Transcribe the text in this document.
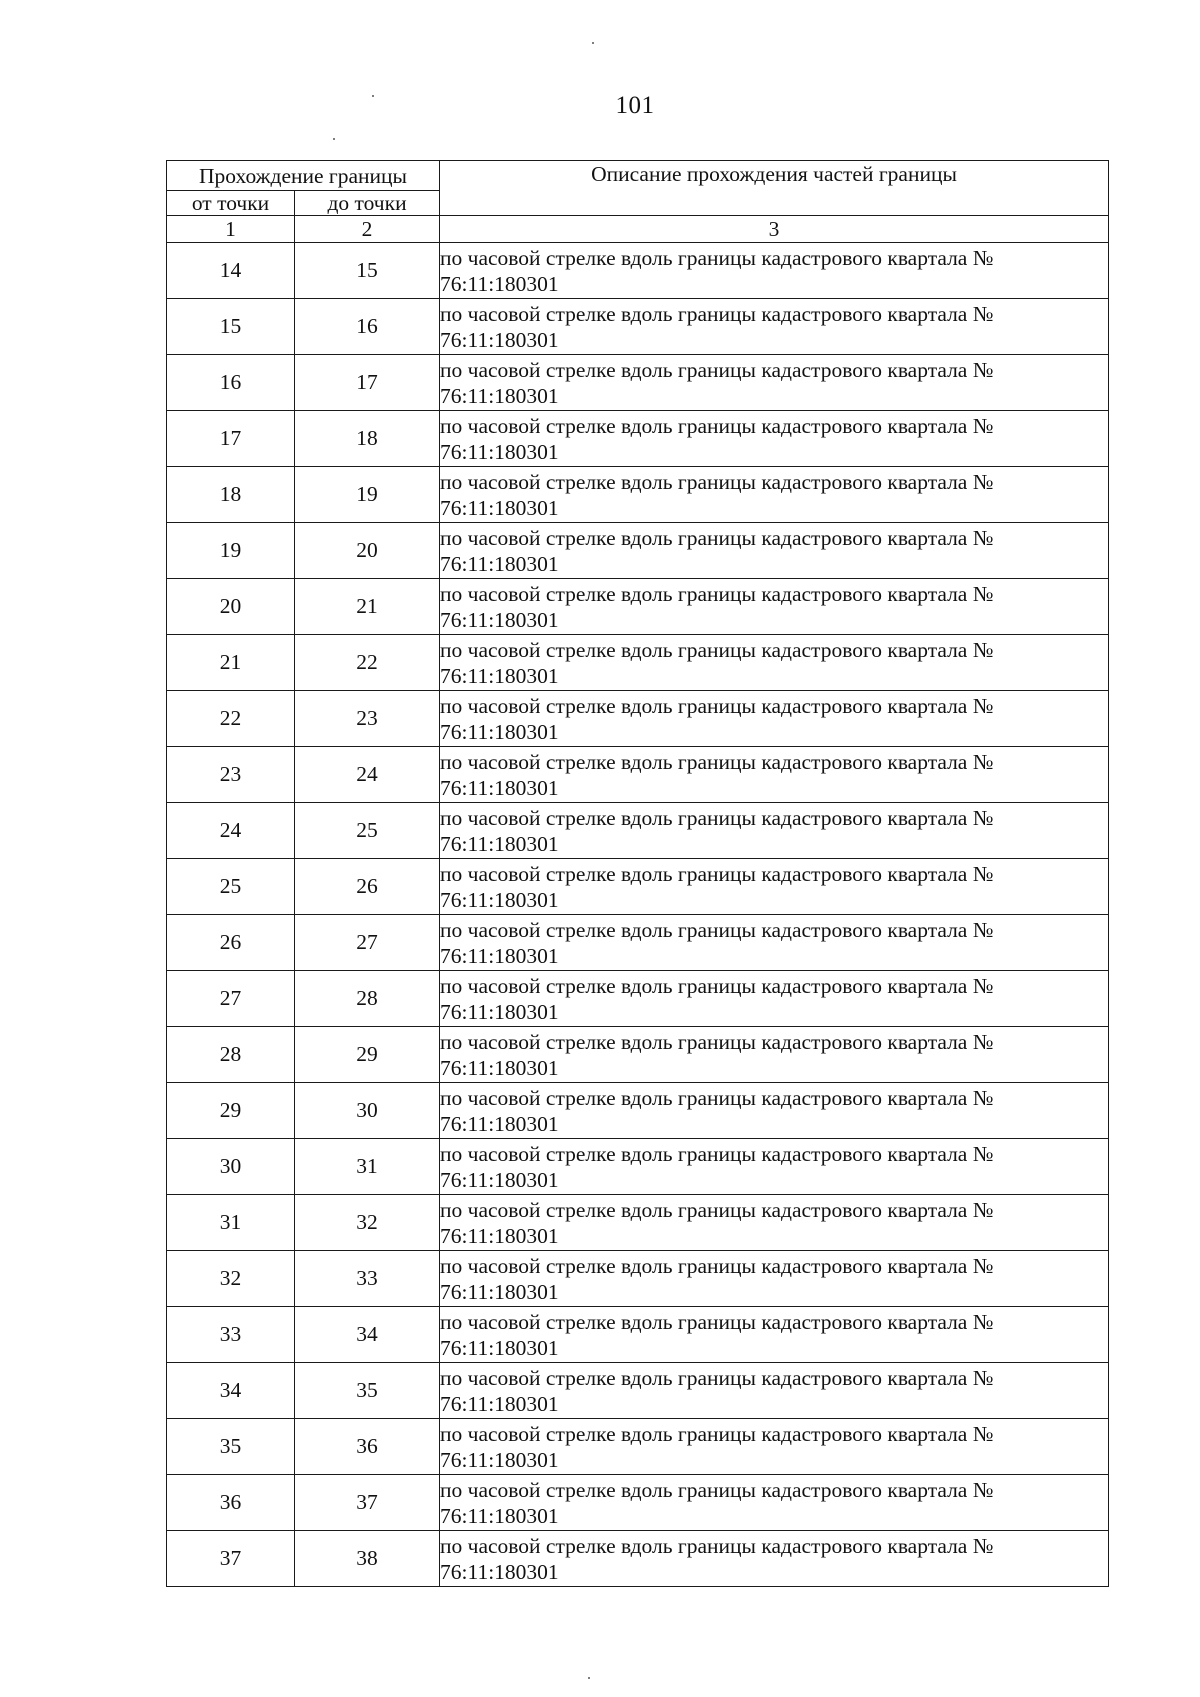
101
Прохождение границы		Описание прохождения частей границы
от точки	до точки	
1	2	3
14	15	по часовой стрелке вдоль границы кадастрового квартала №
76:11:180301

15	16	по часовой стрелке вдоль границы кадастрового квартала №
76:11:180301

16	17	по часовой стрелке вдоль границы кадастрового квартала №
76:11:180301

17	18	по часовой стрелке вдоль границы кадастрового квартала №
76:11:180301

18	19	по часовой стрелке вдоль границы кадастрового квартала №
76:11:180301

19	20	по часовой стрелке вдоль границы кадастрового квартала №
76:11:180301

20	21	по часовой стрелке вдоль границы кадастрового квартала №
76:11:180301

21	22	по часовой стрелке вдоль границы кадастрового квартала №
76:11:180301

22	23	по часовой стрелке вдоль границы кадастрового квартала №
76:11:180301

23	24	по часовой стрелке вдоль границы кадастрового квартала №
76:11:180301

24	25	по часовой стрелке вдоль границы кадастрового квартала №
76:11:180301

25	26	по часовой стрелке вдоль границы кадастрового квартала №
76:11:180301

26	27	по часовой стрелке вдоль границы кадастрового квартала №
76:11:180301

27	28	по часовой стрелке вдоль границы кадастрового квартала №
76:11:180301

28	29	по часовой стрелке вдоль границы кадастрового квартала №
76:11:180301

29	30	по часовой стрелке вдоль границы кадастрового квартала №
76:11:180301

30	31	по часовой стрелке вдоль границы кадастрового квартала №
76:11:180301

31	32	по часовой стрелке вдоль границы кадастрового квартала №
76:11:180301

32	33	по часовой стрелке вдоль границы кадастрового квартала №
76:11:180301

33	34	по часовой стрелке вдоль границы кадастрового квартала №
76:11:180301

34	35	по часовой стрелке вдоль границы кадастрового квартала №
76:11:180301

35	36	по часовой стрелке вдоль границы кадастрового квартала №
76:11:180301

36	37	по часовой стрелке вдоль границы кадастрового квартала №
76:11:180301

37	38	по часовой стрелке вдоль границы кадастрового квартала №
76:11:180301
